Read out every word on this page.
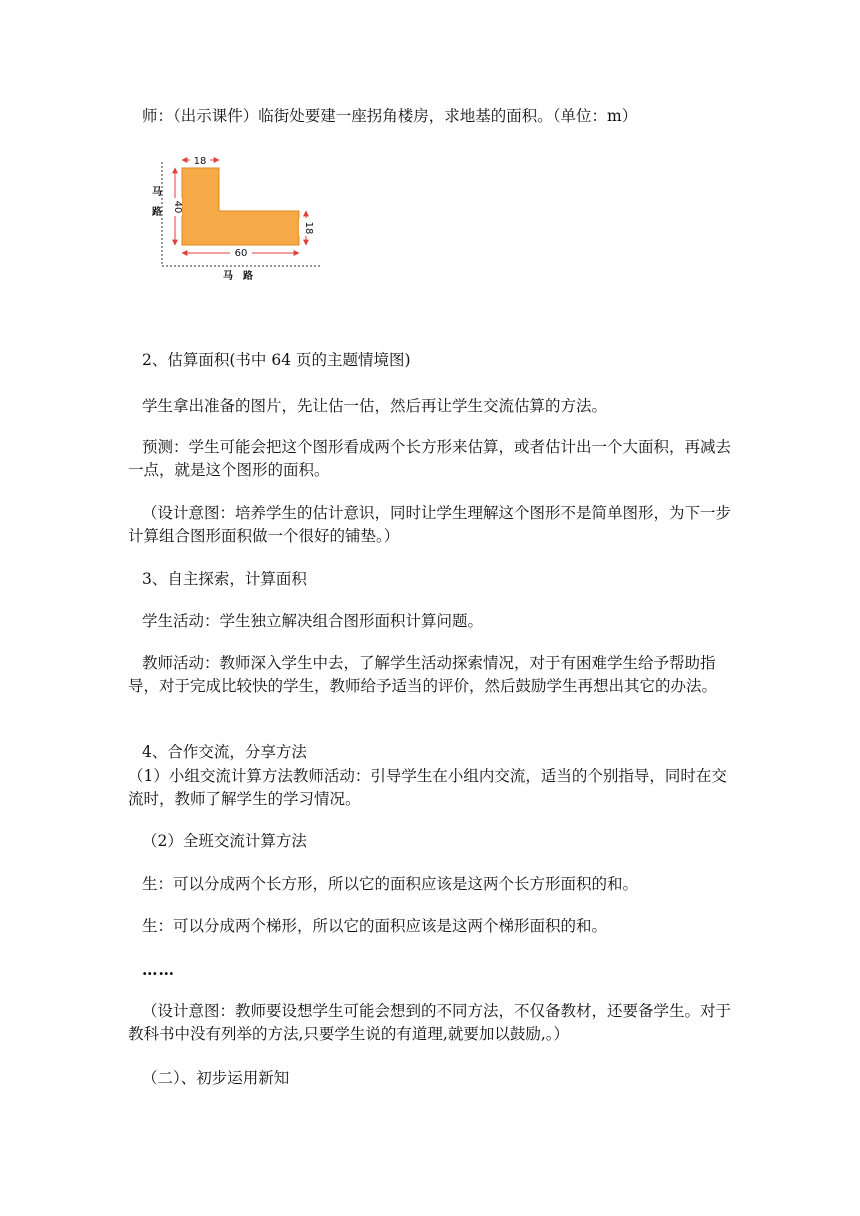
师：（出示课件）临街处要建一座拐角楼房，求地基的面积。（单位：m）

18
40
18
60
马路
马　路

2、估算面积(书中 64 页的主题情境图)

学生拿出准备的图片，先让估一估，然后再让学生交流估算的方法。

预测：学生可能会把这个图形看成两个长方形来估算，或者估计出一个大面积，再减去一点，就是这个图形的面积。

（设计意图：培养学生的估计意识，同时让学生理解这个图形不是简单图形，为下一步计算组合图形面积做一个很好的铺垫。）

3、自主探索，计算面积

学生活动：学生独立解决组合图形面积计算问题。

教师活动：教师深入学生中去，了解学生活动探索情况，对于有困难学生给予帮助指导，对于完成比较快的学生，教师给予适当的评价，然后鼓励学生再想出其它的办法。

4、合作交流，分享方法

（1）小组交流计算方法教师活动：引导学生在小组内交流，适当的个别指导，同时在交流时，教师了解学生的学习情况。

（2）全班交流计算方法

生：可以分成两个长方形，所以它的面积应该是这两个长方形面积的和。

生：可以分成两个梯形，所以它的面积应该是这两个梯形面积的和。

……

（设计意图：教师要设想学生可能会想到的不同方法，不仅备教材，还要备学生。对于教科书中没有列举的方法,只要学生说的有道理,就要加以鼓励,。）

（二）、初步运用新知
